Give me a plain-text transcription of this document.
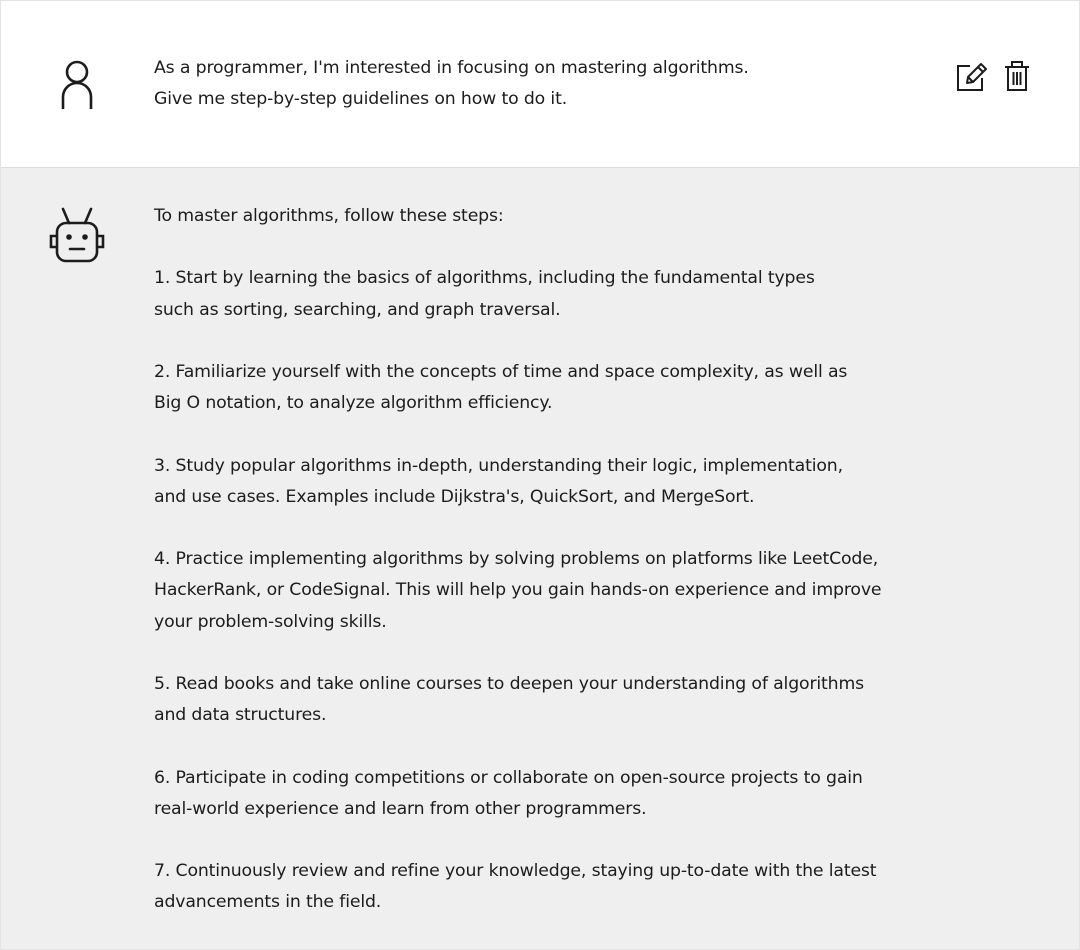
As a programmer, I'm interested in focusing on mastering algorithms.
Give me step-by-step guidelines on how to do it.

To master algorithms, follow these steps:

1. Start by learning the basics of algorithms, including the fundamental types
such as sorting, searching, and graph traversal.

2. Familiarize yourself with the concepts of time and space complexity, as well as
Big O notation, to analyze algorithm efficiency.

3. Study popular algorithms in-depth, understanding their logic, implementation,
and use cases. Examples include Dijkstra's, QuickSort, and MergeSort.

4. Practice implementing algorithms by solving problems on platforms like LeetCode,
HackerRank, or CodeSignal. This will help you gain hands-on experience and improve
your problem-solving skills.

5. Read books and take online courses to deepen your understanding of algorithms
and data structures.

6. Participate in coding competitions or collaborate on open-source projects to gain
real-world experience and learn from other programmers.

7. Continuously review and refine your knowledge, staying up-to-date with the latest
advancements in the field.
